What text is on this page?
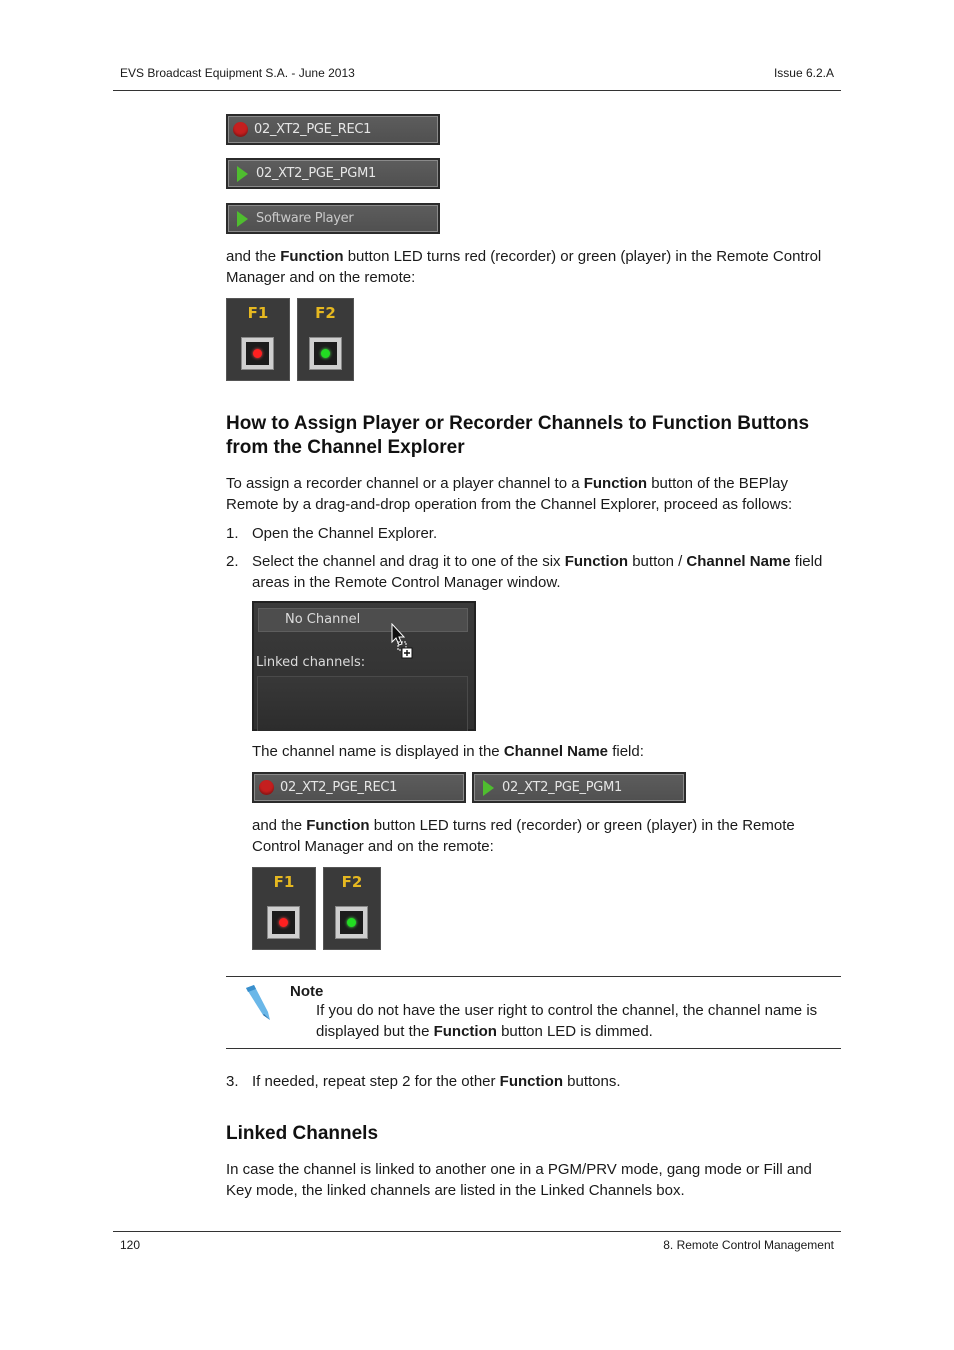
EVS Broadcast Equipment S.A. - June 2013	Issue 6.2.A
02_XT2_PGE_REC1
02_XT2_PGE_PGM1
Software Player
and the Function button LED turns red (recorder) or green (player) in the Remote Control Manager and on the remote:
F1	F2
How to Assign Player or Recorder Channels to Function Buttons from the Channel Explorer
To assign a recorder channel or a player channel to a Function button of the BEPlay Remote by a drag-and-drop operation from the Channel Explorer, proceed as follows:
1. Open the Channel Explorer.
2. Select the channel and drag it to one of the six Function button / Channel Name field areas in the Remote Control Manager window.
No Channel
Linked channels:
The channel name is displayed in the Channel Name field:
02_XT2_PGE_REC1	02_XT2_PGE_PGM1
and the Function button LED turns red (recorder) or green (player) in the Remote Control Manager and on the remote:
F1	F2
Note
If you do not have the user right to control the channel, the channel name is displayed but the Function button LED is dimmed.
3. If needed, repeat step 2 for the other Function buttons.
Linked Channels
In case the channel is linked to another one in a PGM/PRV mode, gang mode or Fill and Key mode, the linked channels are listed in the Linked Channels box.
120	8. Remote Control Management
